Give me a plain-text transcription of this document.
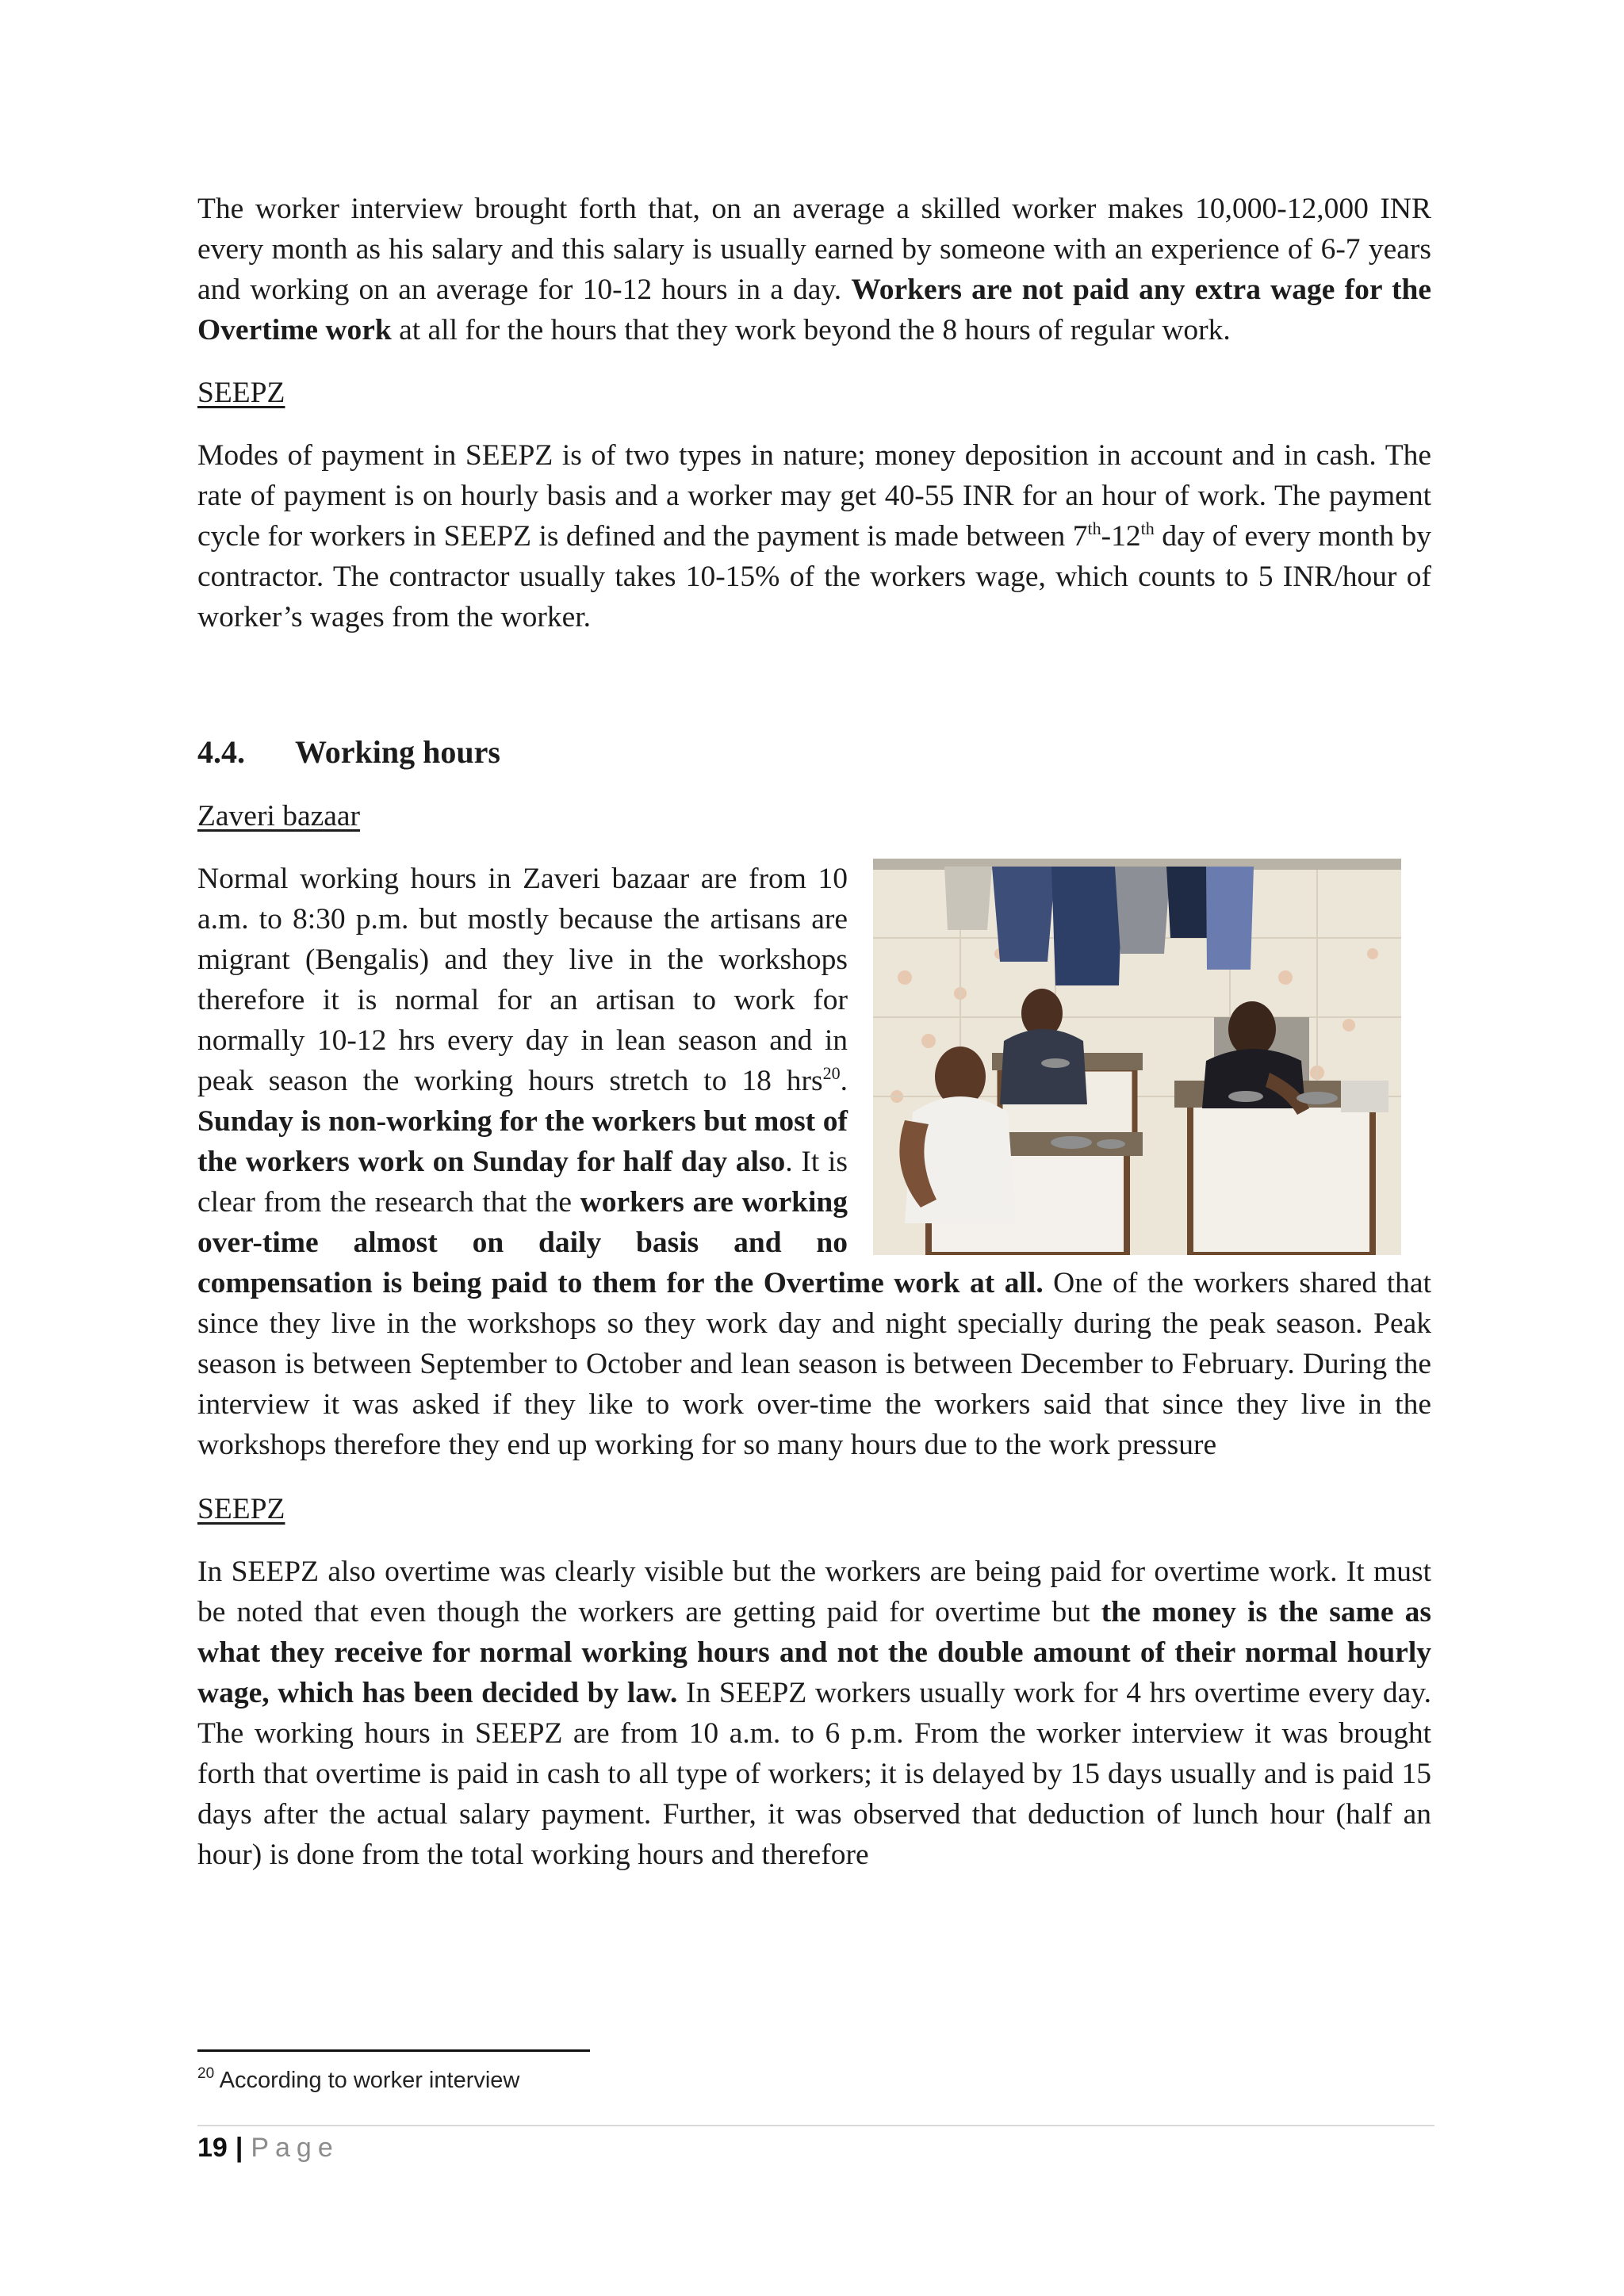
The worker interview brought forth that, on an average a skilled worker makes 10,000-12,000 INR every month as his salary and this salary is usually earned by someone with an experience of 6-7 years and working on an average for 10-12 hours in a day. Workers are not paid any extra wage for the Overtime work at all for the hours that they work beyond the 8 hours of regular work.

SEEPZ

Modes of payment in SEEPZ is of two types in nature; money deposition in account and in cash. The rate of payment is on hourly basis and a worker may get 40-55 INR for an hour of work. The payment cycle for workers in SEEPZ is defined and the payment is made between 7th-12th day of every month by contractor. The contractor usually takes 10-15% of the workers wage, which counts to 5 INR/hour of worker’s wages from the worker.

4.4.	Working hours

Zaveri bazaar

Normal working hours in Zaveri bazaar are from 10 a.m. to 8:30 p.m. but mostly because the artisans are migrant (Bengalis) and they live in the workshops therefore it is normal for an artisan to work for normally 10-12 hrs every day in lean season and in peak season the working hours stretch to 18 hrs$^{20}$. Sunday is non-working for the workers but most of the workers work on Sunday for half day also. It is clear from the research that the workers are working over-time almost on daily basis and no compensation is being paid to them for the Overtime work at all. One of the workers shared that since they live in the workshops so they work day and night specially during the peak season. Peak season is between September to October and lean season is between December to February. During the interview it was asked if they like to work over-time the workers said that since they live in the workshops therefore they end up working for so many hours due to the work pressure

SEEPZ

In SEEPZ also overtime was clearly visible but the workers are being paid for overtime work. It must be noted that even though the workers are getting paid for overtime but the money is the same as what they receive for normal working hours and not the double amount of their normal hourly wage, which has been decided by law. In SEEPZ workers usually work for 4 hrs overtime every day. The working hours in SEEPZ are from 10 a.m. to 6 p.m. From the worker interview it was brought forth that overtime is paid in cash to all type of workers; it is delayed by 15 days usually and is paid 15 days after the actual salary payment. Further, it was observed that deduction of lunch hour (half an hour) is done from the total working hours and therefore

$^{20}$ According to worker interview
19 | Page
